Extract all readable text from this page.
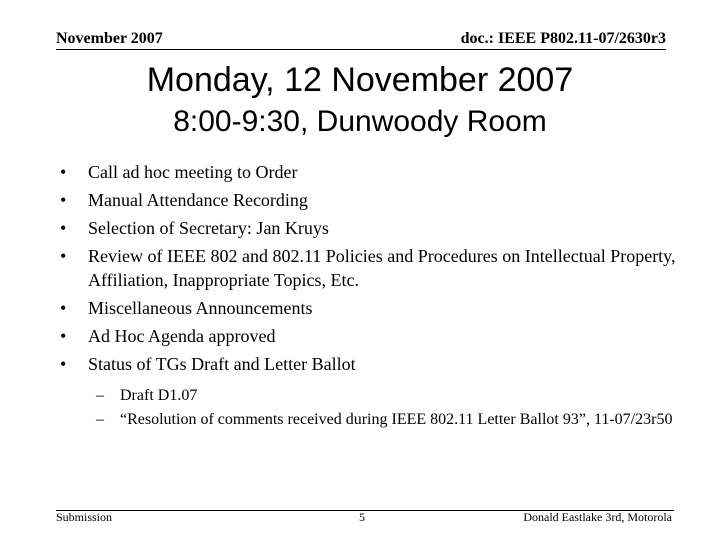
November 2007	doc.: IEEE P802.11-07/2630r3
Monday, 12 November 2007
8:00-9:30, Dunwoody Room
• Call ad hoc meeting to Order
• Manual Attendance Recording
• Selection of Secretary: Jan Kruys
• Review of IEEE 802 and 802.11 Policies and Procedures on Intellectual Property, Affiliation, Inappropriate Topics, Etc.
• Miscellaneous Announcements
• Ad Hoc Agenda approved
• Status of TGs Draft and Letter Ballot
– Draft D1.07
– “Resolution of comments received during IEEE 802.11 Letter Ballot 93”, 11-07/23r50
Submission	5	Donald Eastlake 3rd, Motorola
